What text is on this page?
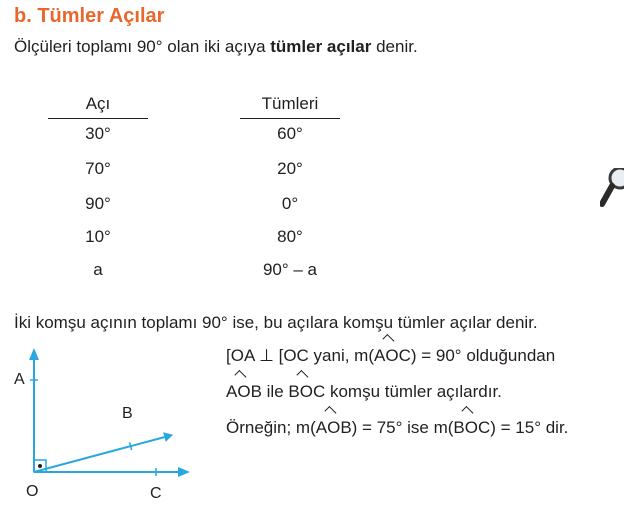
b. Tümler Açılar
Ölçüleri toplamı 90° olan iki açıya tümler açılar denir.
Açı	Tümleri
30°	60°
70°	20°
90°	0°
10°	80°
a	90° – a
İki komşu açının toplamı 90° ise, bu açılara komşu tümler açılar denir.
[OA ⊥ [OC yani, m(AOC) = 90° olduğundan
AOB ile BOC komşu tümler açılardır.
Örneğin; m(AOB) = 75° ise m(BOC) = 15° dir.
A
B
C
O
